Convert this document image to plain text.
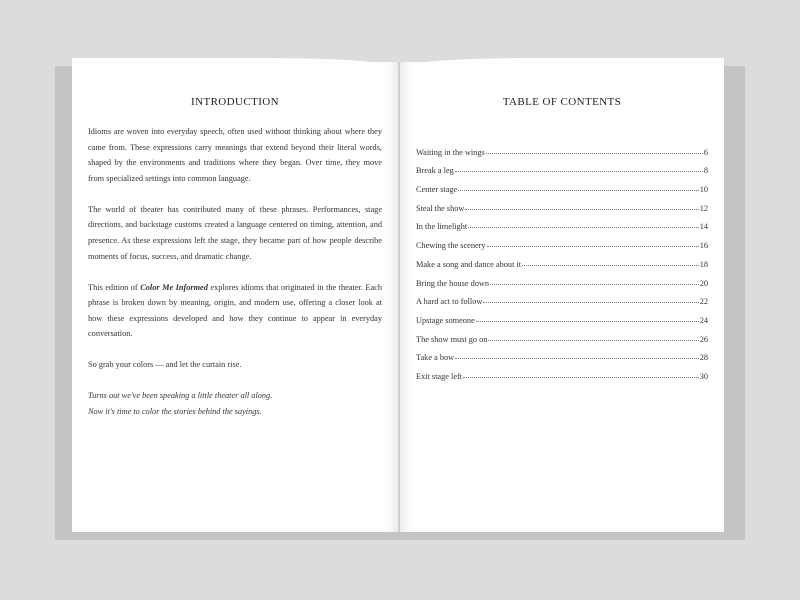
INTRODUCTION

Idioms are woven into everyday speech, often used without thinking about where they came from. These expressions carry meanings that extend beyond their literal words, shaped by the environments and traditions where they began. Over time, they move from specialized settings into common language.

The world of theater has contributed many of these phrases. Performances, stage directions, and backstage customs created a language centered on timing, attention, and presence. As these expressions left the stage, they became part of how people describe moments of focus, success, and dramatic change.

This edition of Color Me Informed explores idioms that originated in the theater. Each phrase is broken down by meaning, origin, and modern use, offering a closer look at how these expressions developed and how they continue to appear in everyday conversation.

So grab your colors — and let the curtain rise.

Turns out we've been speaking a little theater all along.

Now it's time to color the stories behind the sayings.

TABLE OF CONTENTS
Waiting in the wings	6
Break a leg	8
Center stage	10
Steal the show	12
In the limelight	14
Chewing the scenery	16
Make a song and dance about it	18
Bring the house down	20
A hard act to follow	22
Upstage someone	24
The show must go on	26
Take a bow	28
Exit stage left	30
